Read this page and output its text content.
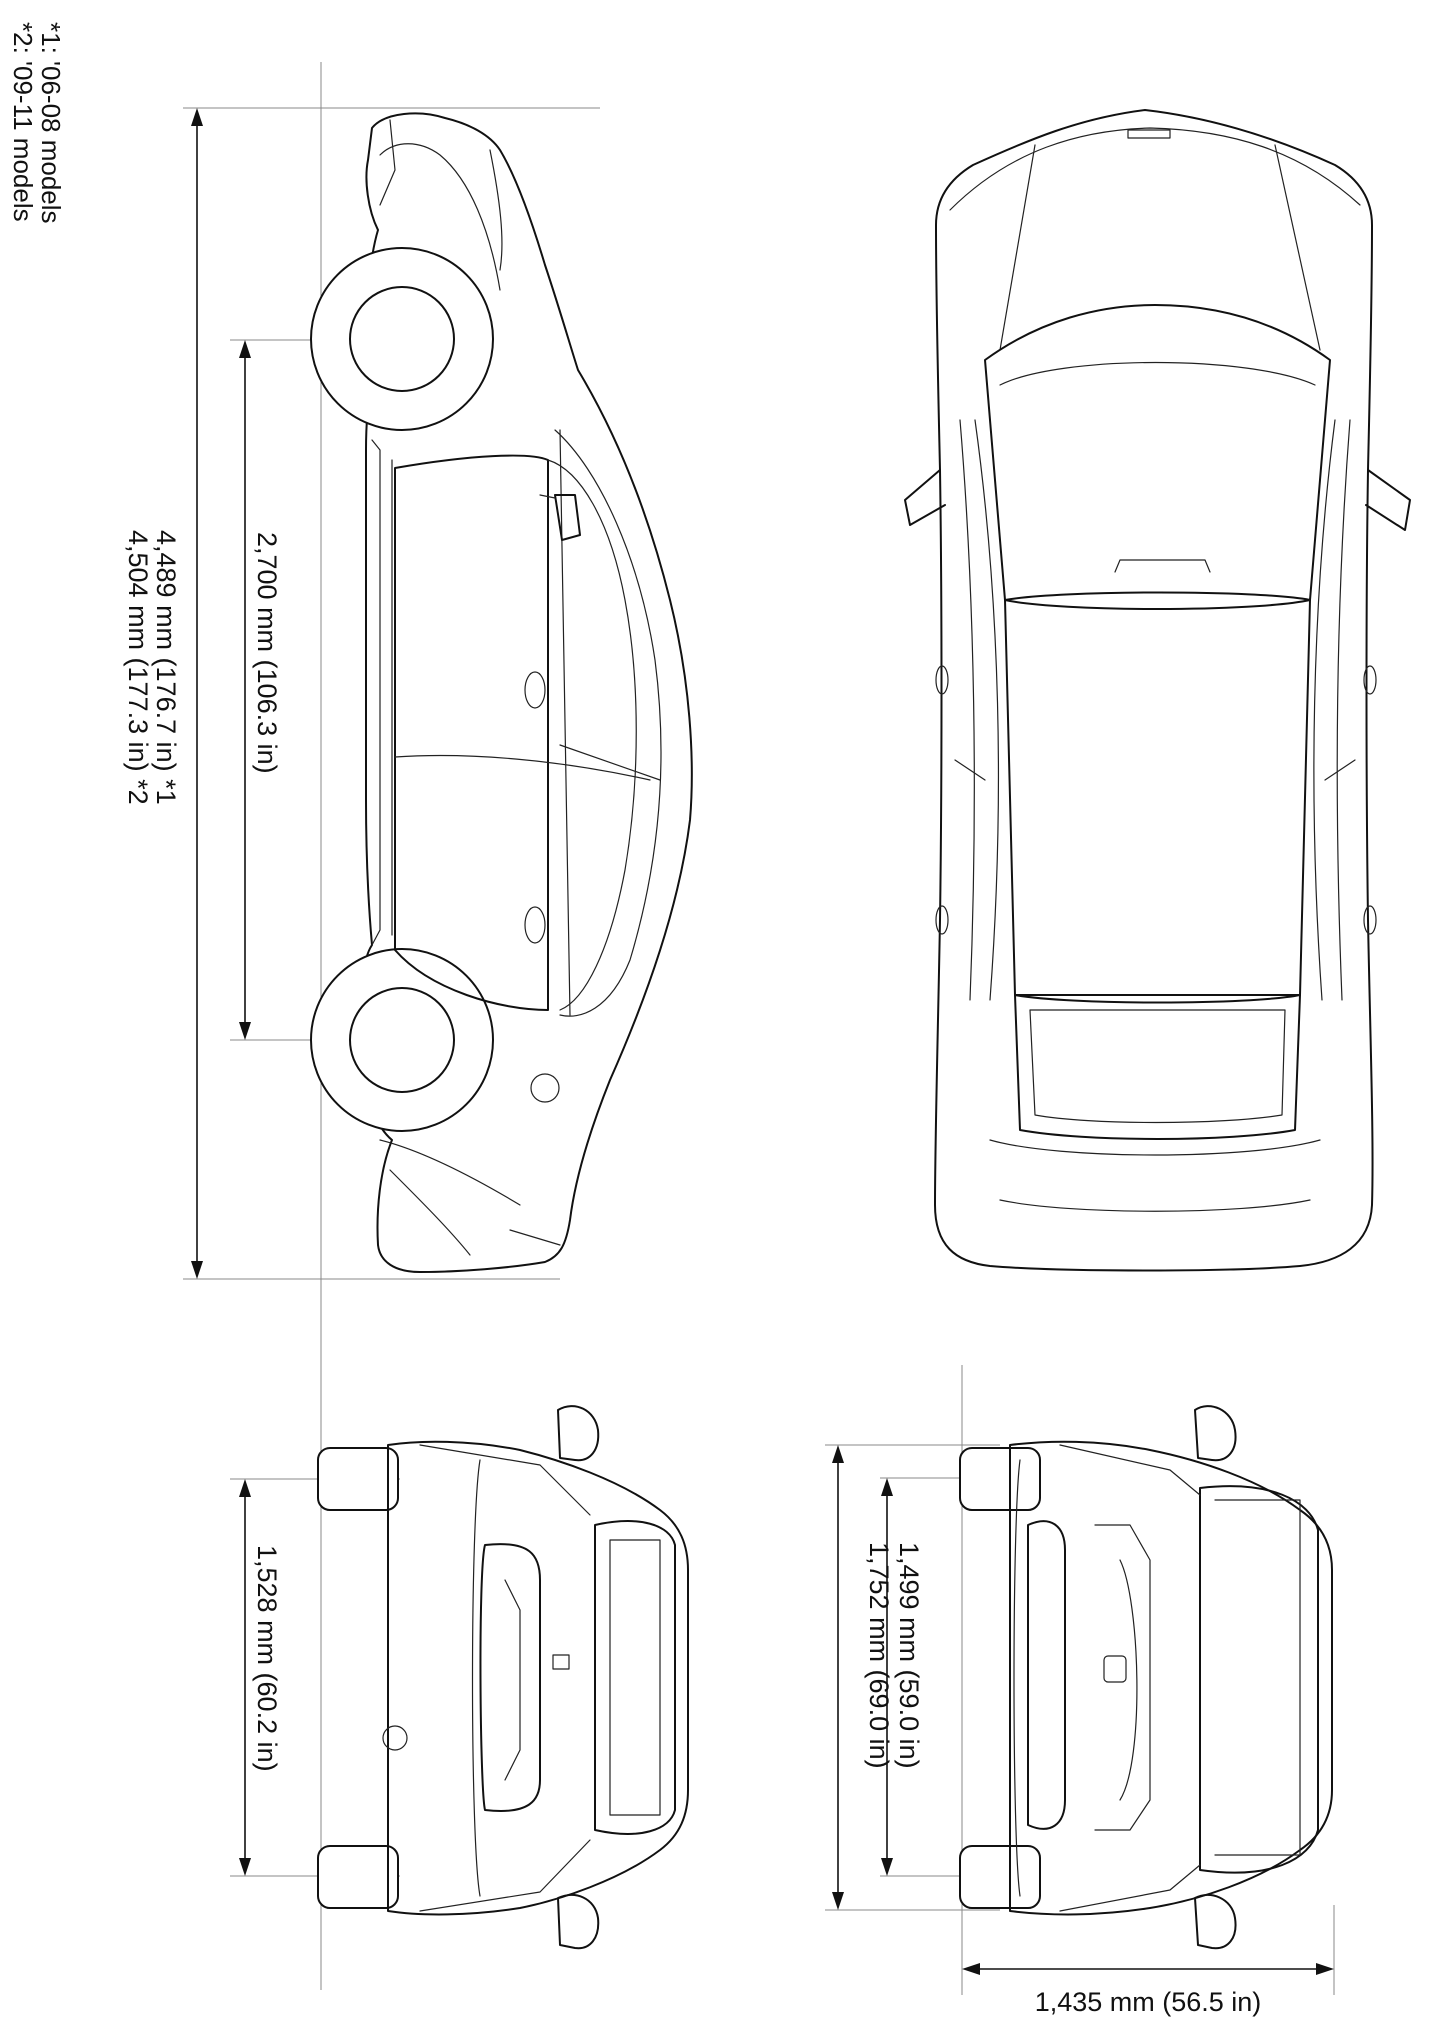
*1: '06-08 models
*2: '09-11 models
4,489 mm (176.7 in) *1
4,504 mm (177.3 in) *2	2,700 mm (106.3 in)
1,528 mm (60.2 in)	1,499 mm (59.0 in)
1,752 mm (69.0 in)
1,435 mm (56.5 in)
